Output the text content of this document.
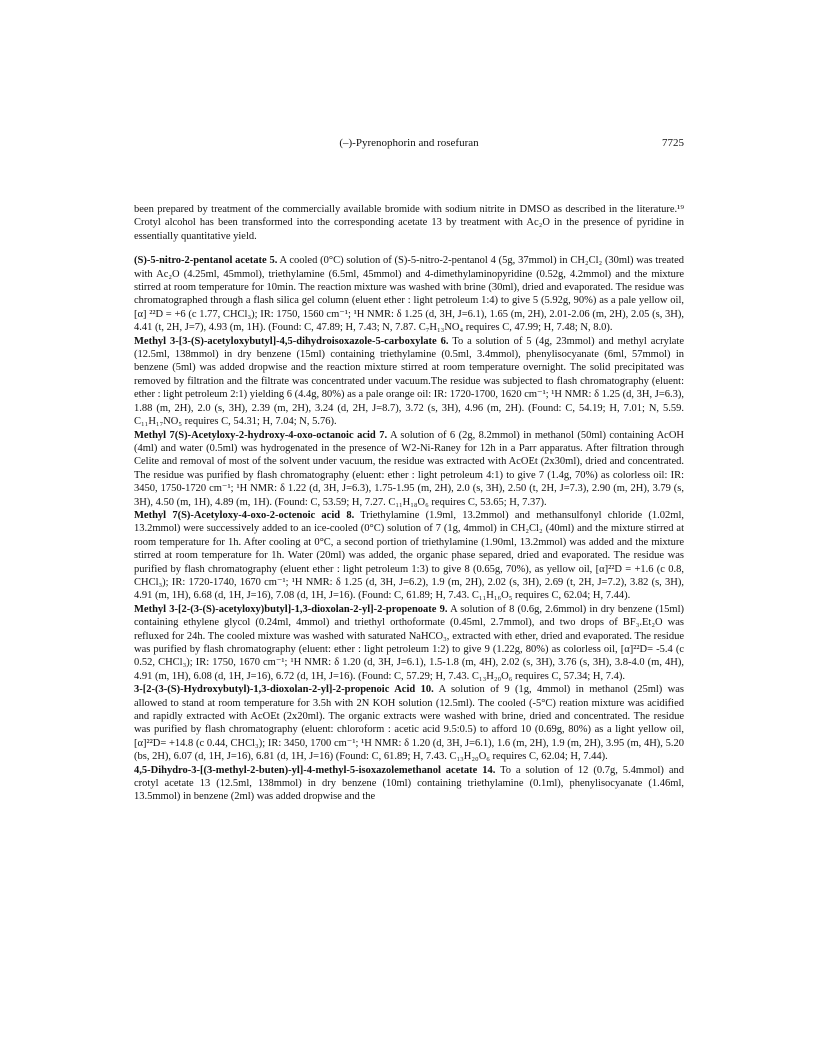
(–)-Pyrenophorin and rosefuran	7725

been prepared by treatment of the commercially available bromide with sodium nitrite in DMSO as described in the literature.¹⁹ Crotyl alcohol has been transformed into the corresponding acetate 13 by treatment with Ac₂O in the presence of pyridine in essentially quantitative yield.

(S)-5-nitro-2-pentanol acetate 5. A cooled (0°C) solution of (S)-5-nitro-2-pentanol 4 (5g, 37mmol) in CH₂Cl₂ (30ml) was treated with Ac₂O (4.25ml, 45mmol), triethylamine (6.5ml, 45mmol) and 4-dimethylaminopyridine (0.52g, 4.2mmol) and the mixture stirred at room temperature for 10min. The reaction mixture was washed with brine (30ml), dried and evaporated. The residue was chromatographed through a flash silica gel column (eluent ether : light petroleum 1:4) to give 5 (5.92g, 90%) as a pale yellow oil, [α] ²²D = +6 (c 1.77, CHCl₃); IR: 1750, 1560 cm⁻¹; ¹H NMR: δ 1.25 (d, 3H, J=6.1), 1.65 (m, 2H), 2.01-2.06 (m, 2H), 2.05 (s, 3H), 4.41 (t, 2H, J=7), 4.93 (m, 1H). (Found: C, 47.89; H, 7.43; N, 7.87. C₇H₁₃NO₄ requires C, 47.99; H, 7.48; N, 8.0).

Methyl 3-[3-(S)-acetyloxybutyl]-4,5-dihydroisoxazole-5-carboxylate 6. To a solution of 5 (4g, 23mmol) and methyl acrylate (12.5ml, 138mmol) in dry benzene (15ml) containing triethylamine (0.5ml, 3.4mmol), phenylisocyanate (6ml, 57mmol) in benzene (5ml) was added dropwise and the reaction mixture stirred at room temperature overnight. The solid precipitated was removed by filtration and the filtrate was concentrated under vacuum.The residue was subjected to flash chromatography (eluent: ether : light petroleum 2:1) yielding 6 (4.4g, 80%) as a pale orange oil: IR: 1720-1700, 1620 cm⁻¹; ¹H NMR: δ 1.25 (d, 3H, J=6.3), 1.88 (m, 2H), 2.0 (s, 3H), 2.39 (m, 2H), 3.24 (d, 2H, J=8.7), 3.72 (s, 3H), 4.96 (m, 2H). (Found: C, 54.19; H, 7.01; N, 5.59. C₁₁H₁₇NO₅ requires C, 54.31; H, 7.04; N, 5.76).

Methyl 7(S)-Acetyloxy-2-hydroxy-4-oxo-octanoic acid 7. A solution of 6 (2g, 8.2mmol) in methanol (50ml) containing AcOH (4ml) and water (0.5ml) was hydrogenated in the presence of W2-Ni-Raney for 12h in a Parr apparatus. After filtration through Celite and removal of most of the solvent under vacuum, the residue was extracted with AcOEt (2x30ml), dried and concentrated. The residue was purified by flash chromatography (eluent: ether : light petroleum 4:1) to give 7 (1.4g, 70%) as colorless oil: IR: 3450, 1750-1720 cm⁻¹; ¹H NMR: δ 1.22 (d, 3H, J=6.3), 1.75-1.95 (m, 2H), 2.0 (s, 3H), 2.50 (t, 2H, J=7.3), 2.90 (m, 2H), 3.79 (s, 3H), 4.50 (m, 1H), 4.89 (m, 1H). (Found: C, 53.59; H, 7.27. C₁₁H₁₈O₆ requires C, 53.65; H, 7.37).

Methyl 7(S)-Acetyloxy-4-oxo-2-octenoic acid 8. Triethylamine (1.9ml, 13.2mmol) and methansulfonyl chloride (1.02ml, 13.2mmol) were successively added to an ice-cooled (0°C) solution of 7 (1g, 4mmol) in CH₂Cl₂ (40ml) and the mixture stirred at room temperature for 1h. After cooling at 0°C, a second portion of triethylamine (1.90ml, 13.2mmol) was added and the mixture stirred at room temperature for 1h. Water (20ml) was added, the organic phase separed, dried and evaporated. The residue was purified by flash chromatography (eluent ether : light petroleum 1:3) to give 8 (0.65g, 70%), as yellow oil, [α]²²D = +1.6 (c 0.8, CHCl₃); IR: 1720-1740, 1670 cm⁻¹; ¹H NMR: δ 1.25 (d, 3H, J=6.2), 1.9 (m, 2H), 2.02 (s, 3H), 2.69 (t, 2H, J=7.2), 3.82 (s, 3H), 4.91 (m, 1H), 6.68 (d, 1H, J=16), 7.08 (d, 1H, J=16). (Found: C, 61.89; H, 7.43. C₁₁H₁₆O₅ requires C, 62.04; H, 7.44).

Methyl 3-[2-(3-(S)-acetyloxy)butyl]-1,3-dioxolan-2-yl]-2-propenoate 9. A solution of 8 (0.6g, 2.6mmol) in dry benzene (15ml) containing ethylene glycol (0.24ml, 4mmol) and triethyl orthoformate (0.45ml, 2.7mmol), and two drops of BF₃.Et₂O was refluxed for 24h. The cooled mixture was washed with saturated NaHCO₃, extracted with ether, dried and evaporated. The residue was purified by flash chromatography (eluent: ether : light petroleum 1:2) to give 9 (1.22g, 80%) as colorless oil, [α]²²D= -5.4 (c 0.52, CHCl₃); IR: 1750, 1670 cm⁻¹; ¹H NMR: δ 1.20 (d, 3H, J=6.1), 1.5-1.8 (m, 4H), 2.02 (s, 3H), 3.76 (s, 3H), 3.8-4.0 (m, 4H), 4.91 (m, 1H), 6.08 (d, 1H, J=16), 6.72 (d, 1H, J=16). (Found: C, 57.29; H, 7.43. C₁₃H₂₀O₆ requires C, 57.34; H, 7.4).

3-[2-(3-(S)-Hydroxybutyl)-1,3-dioxolan-2-yl]-2-propenoic Acid 10. A solution of 9 (1g, 4mmol) in methanol (25ml) was allowed to stand at room temperature for 3.5h with 2N KOH solution (12.5ml). The cooled (-5°C) reation mixture was acidified and rapidly extracted with AcOEt (2x20ml). The organic extracts were washed with brine, dried and concentrated. The residue was purified by flash chromatography (eluent: chloroform : acetic acid 9.5:0.5) to afford 10 (0.69g, 80%) as a light yellow oil, [α]²²D= +14.8 (c 0.44, CHCl₃); IR: 3450, 1700 cm⁻¹; ¹H NMR: δ 1.20 (d, 3H, J=6.1), 1.6 (m, 2H), 1.9 (m, 2H), 3.95 (m, 4H), 5.20 (bs, 2H), 6.07 (d, 1H, J=16), 6.81 (d, 1H, J=16) (Found: C, 61.89; H, 7.43. C₁₃H₂₀O₆ requires C, 62.04; H, 7.44).

4,5-Dihydro-3-[(3-methyl-2-buten)-yl]-4-methyl-5-isoxazolemethanol acetate 14. To a solution of 12 (0.7g, 5.4mmol) and crotyl acetate 13 (12.5ml, 138mmol) in dry benzene (10ml) containing triethylamine (0.1ml), phenylisocyanate (1.46ml, 13.5mmol) in benzene (2ml) was added dropwise and the
